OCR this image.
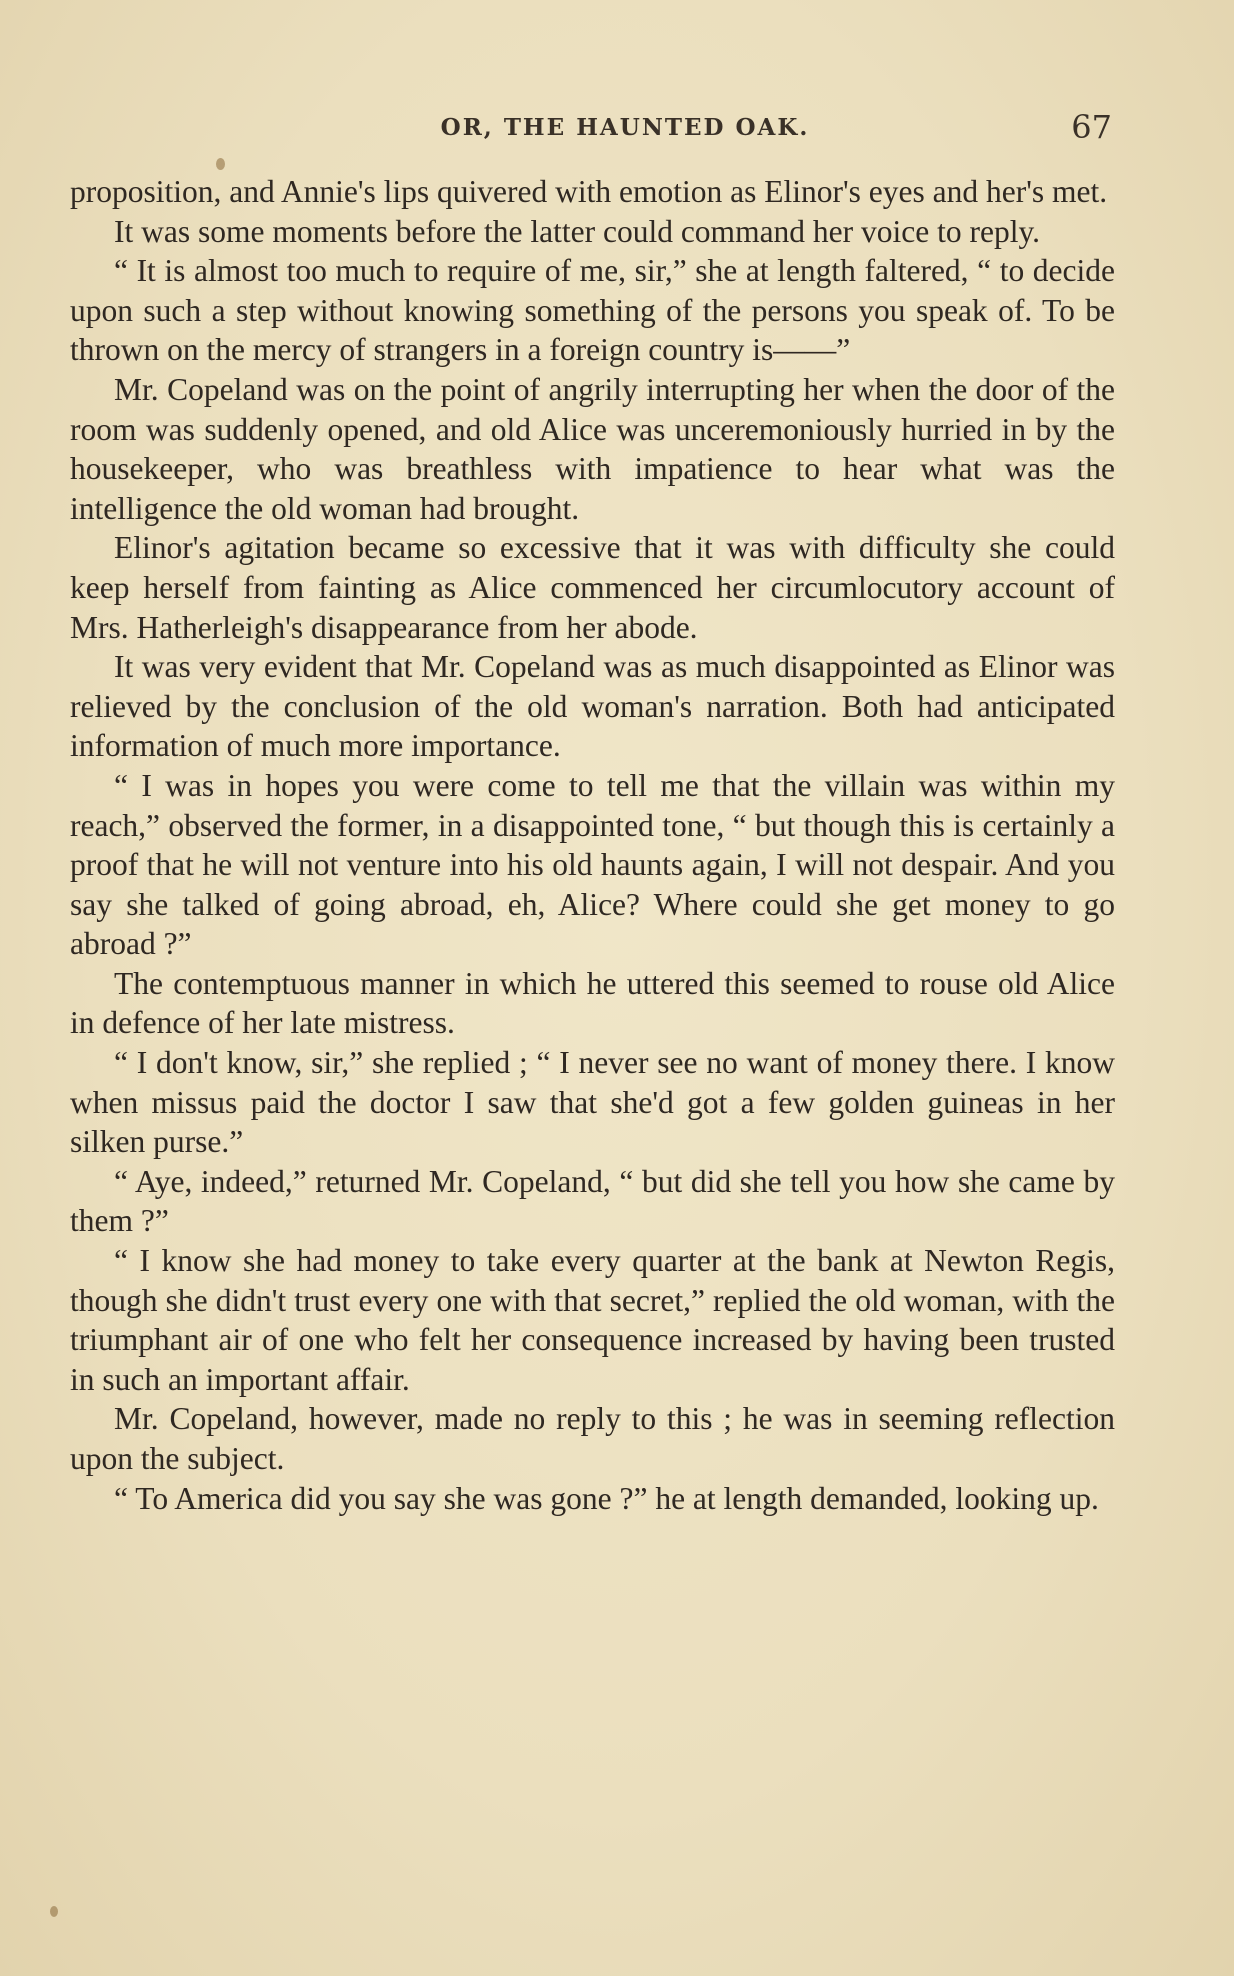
OR, THE HAUNTED OAK.	67

proposition, and Annie's lips quivered with emotion as Elinor's eyes and her's met.

It was some moments before the latter could command her voice to reply.

“ It is almost too much to require of me, sir,” she at length faltered, “ to decide upon such a step without knowing something of the persons you speak of. To be thrown on the mercy of strangers in a foreign country is——”

Mr. Copeland was on the point of angrily interrupting her when the door of the room was suddenly opened, and old Alice was unceremoniously hurried in by the housekeeper, who was breathless with impatience to hear what was the intelligence the old woman had brought.

Elinor's agitation became so excessive that it was with difficulty she could keep herself from fainting as Alice commenced her circumlocutory account of Mrs. Hatherleigh's disappearance from her abode.

It was very evident that Mr. Copeland was as much disappointed as Elinor was relieved by the conclusion of the old woman's narration. Both had anticipated information of much more importance.

“ I was in hopes you were come to tell me that the villain was within my reach,” observed the former, in a disappointed tone, “ but though this is certainly a proof that he will not venture into his old haunts again, I will not despair. And you say she talked of going abroad, eh, Alice? Where could she get money to go abroad ?”

The contemptuous manner in which he uttered this seemed to rouse old Alice in defence of her late mistress.

“ I don't know, sir,” she replied ; “ I never see no want of money there. I know when missus paid the doctor I saw that she'd got a few golden guineas in her silken purse.”

“ Aye, indeed,” returned Mr. Copeland, “ but did she tell you how she came by them ?”

“ I know she had money to take every quarter at the bank at Newton Regis, though she didn't trust every one with that secret,” replied the old woman, with the triumphant air of one who felt her consequence increased by having been trusted in such an important affair.

Mr. Copeland, however, made no reply to this ; he was in seeming reflection upon the subject.

“ To America did you say she was gone ?” he at length demanded, looking up.
